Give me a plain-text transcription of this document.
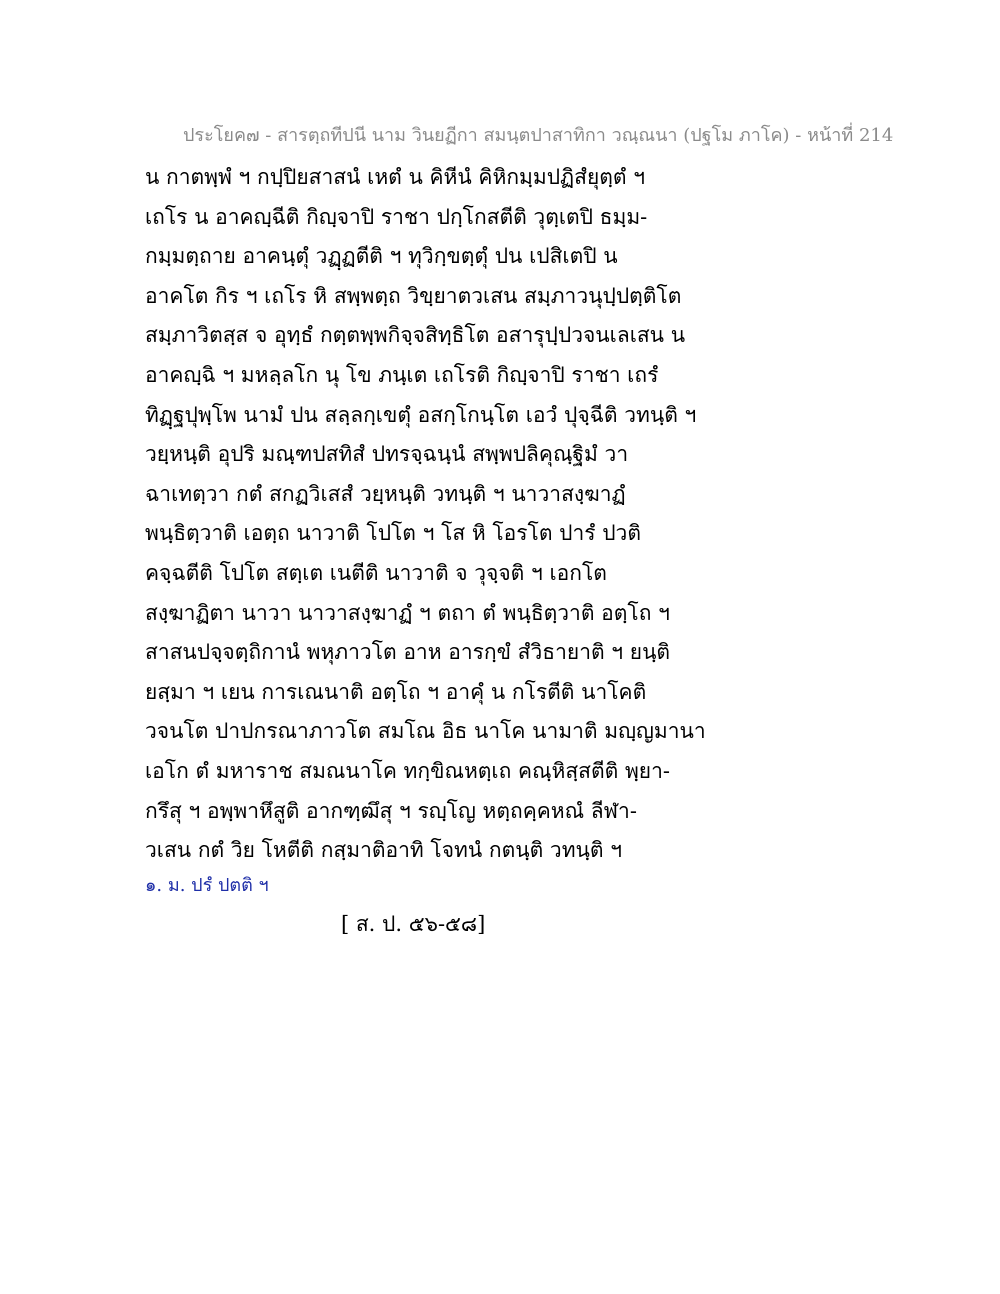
ประโยค๗ - สารตฺถทีปนี นาม วินยฏีกา สมนฺตปาสาทิกา วณฺณนา (ปฐโม ภาโค) - หน้าที่ 214
น กาตพฺพํ ฯ กปฺปิยสาสนํ เหตํ น คิหีนํ คิหิกมฺมปฏิสํยุตฺตํ ฯ
เถโร น อาคญฺฉีติ กิญฺจาปิ ราชา ปกฺโกสตีติ วุตฺเตปิ ธมฺม-
กมฺมตฺถาย อาคนฺตุํ วฏฺฏตีติ ฯ ทุวิกฺขตฺตุํ ปน เปสิเตปิ น
อาคโต กิร ฯ เถโร หิ สพฺพตฺถ วิขฺยาตวเสน สมฺภาวนุปฺปตฺติโต
สมฺภาวิตสฺส จ อุทฺธํ กตฺตพฺพกิจฺจสิทฺธิโต อสารุปฺปวจนเลเสน น
อาคญฺฉิ ฯ มหลฺลโก นุ โข ภนฺเต เถโรติ กิญฺจาปิ ราชา เถรํ
ทิฏฺฐปุพฺโพ นามํ ปน สลฺลกฺเขตุํ อสกฺโกนฺโต เอวํ ปุจฺฉีติ วทนฺติ ฯ
วยฺหนฺติ อุปริ มณฺฑปสทิสํ ปทรจฺฉนฺนํ สพฺพปลิคุณฺฐิมํ วา
ฉาเทตฺวา กตํ สกฏวิเสสํ วยฺหนฺติ วทนฺติ ฯ นาวาสงฺฆาฏํ
พนฺธิตฺวาติ เอตฺถ นาวาติ โปโต ฯ โส หิ โอรโต ปารํ ปวติ
คจฺฉตีติ โปโต สตฺเต เนตีติ นาวาติ จ วุจฺจติ ฯ เอกโต
สงฺฆาฏิตา นาวา นาวาสงฺฆาฏํ ฯ ตถา ตํ พนฺธิตฺวาติ อตฺโถ ฯ
สาสนปจฺจตฺถิกานํ พหุภาวโต อาห อารกฺขํ สํวิธายาติ ฯ ยนฺติ
ยสฺมา ฯ เยน การเณนาติ อตฺโถ ฯ อาคุํ น กโรตีติ นาโคติ
วจนโต ปาปกรณาภาวโต สมโณ อิธ นาโค นามาติ มญฺญมานา
เอโก ตํ มหาราช สมณนาโค ทกฺขิณหตฺเถ คณฺหิสฺสตีติ พฺยา-
กรึสุ ฯ อพฺพาหึสูติ อากฑฺฒึสุ ฯ รญฺโญ หตฺถคฺคหณํ ลีฬา-
วเสน กตํ วิย โหตีติ กสฺมาติอาทิ โจทนํ กตนฺติ วทนฺติ ฯ
๑. ม. ปรํ ปตติ ฯ
[ ส. ป. ๕๖-๕๘]
